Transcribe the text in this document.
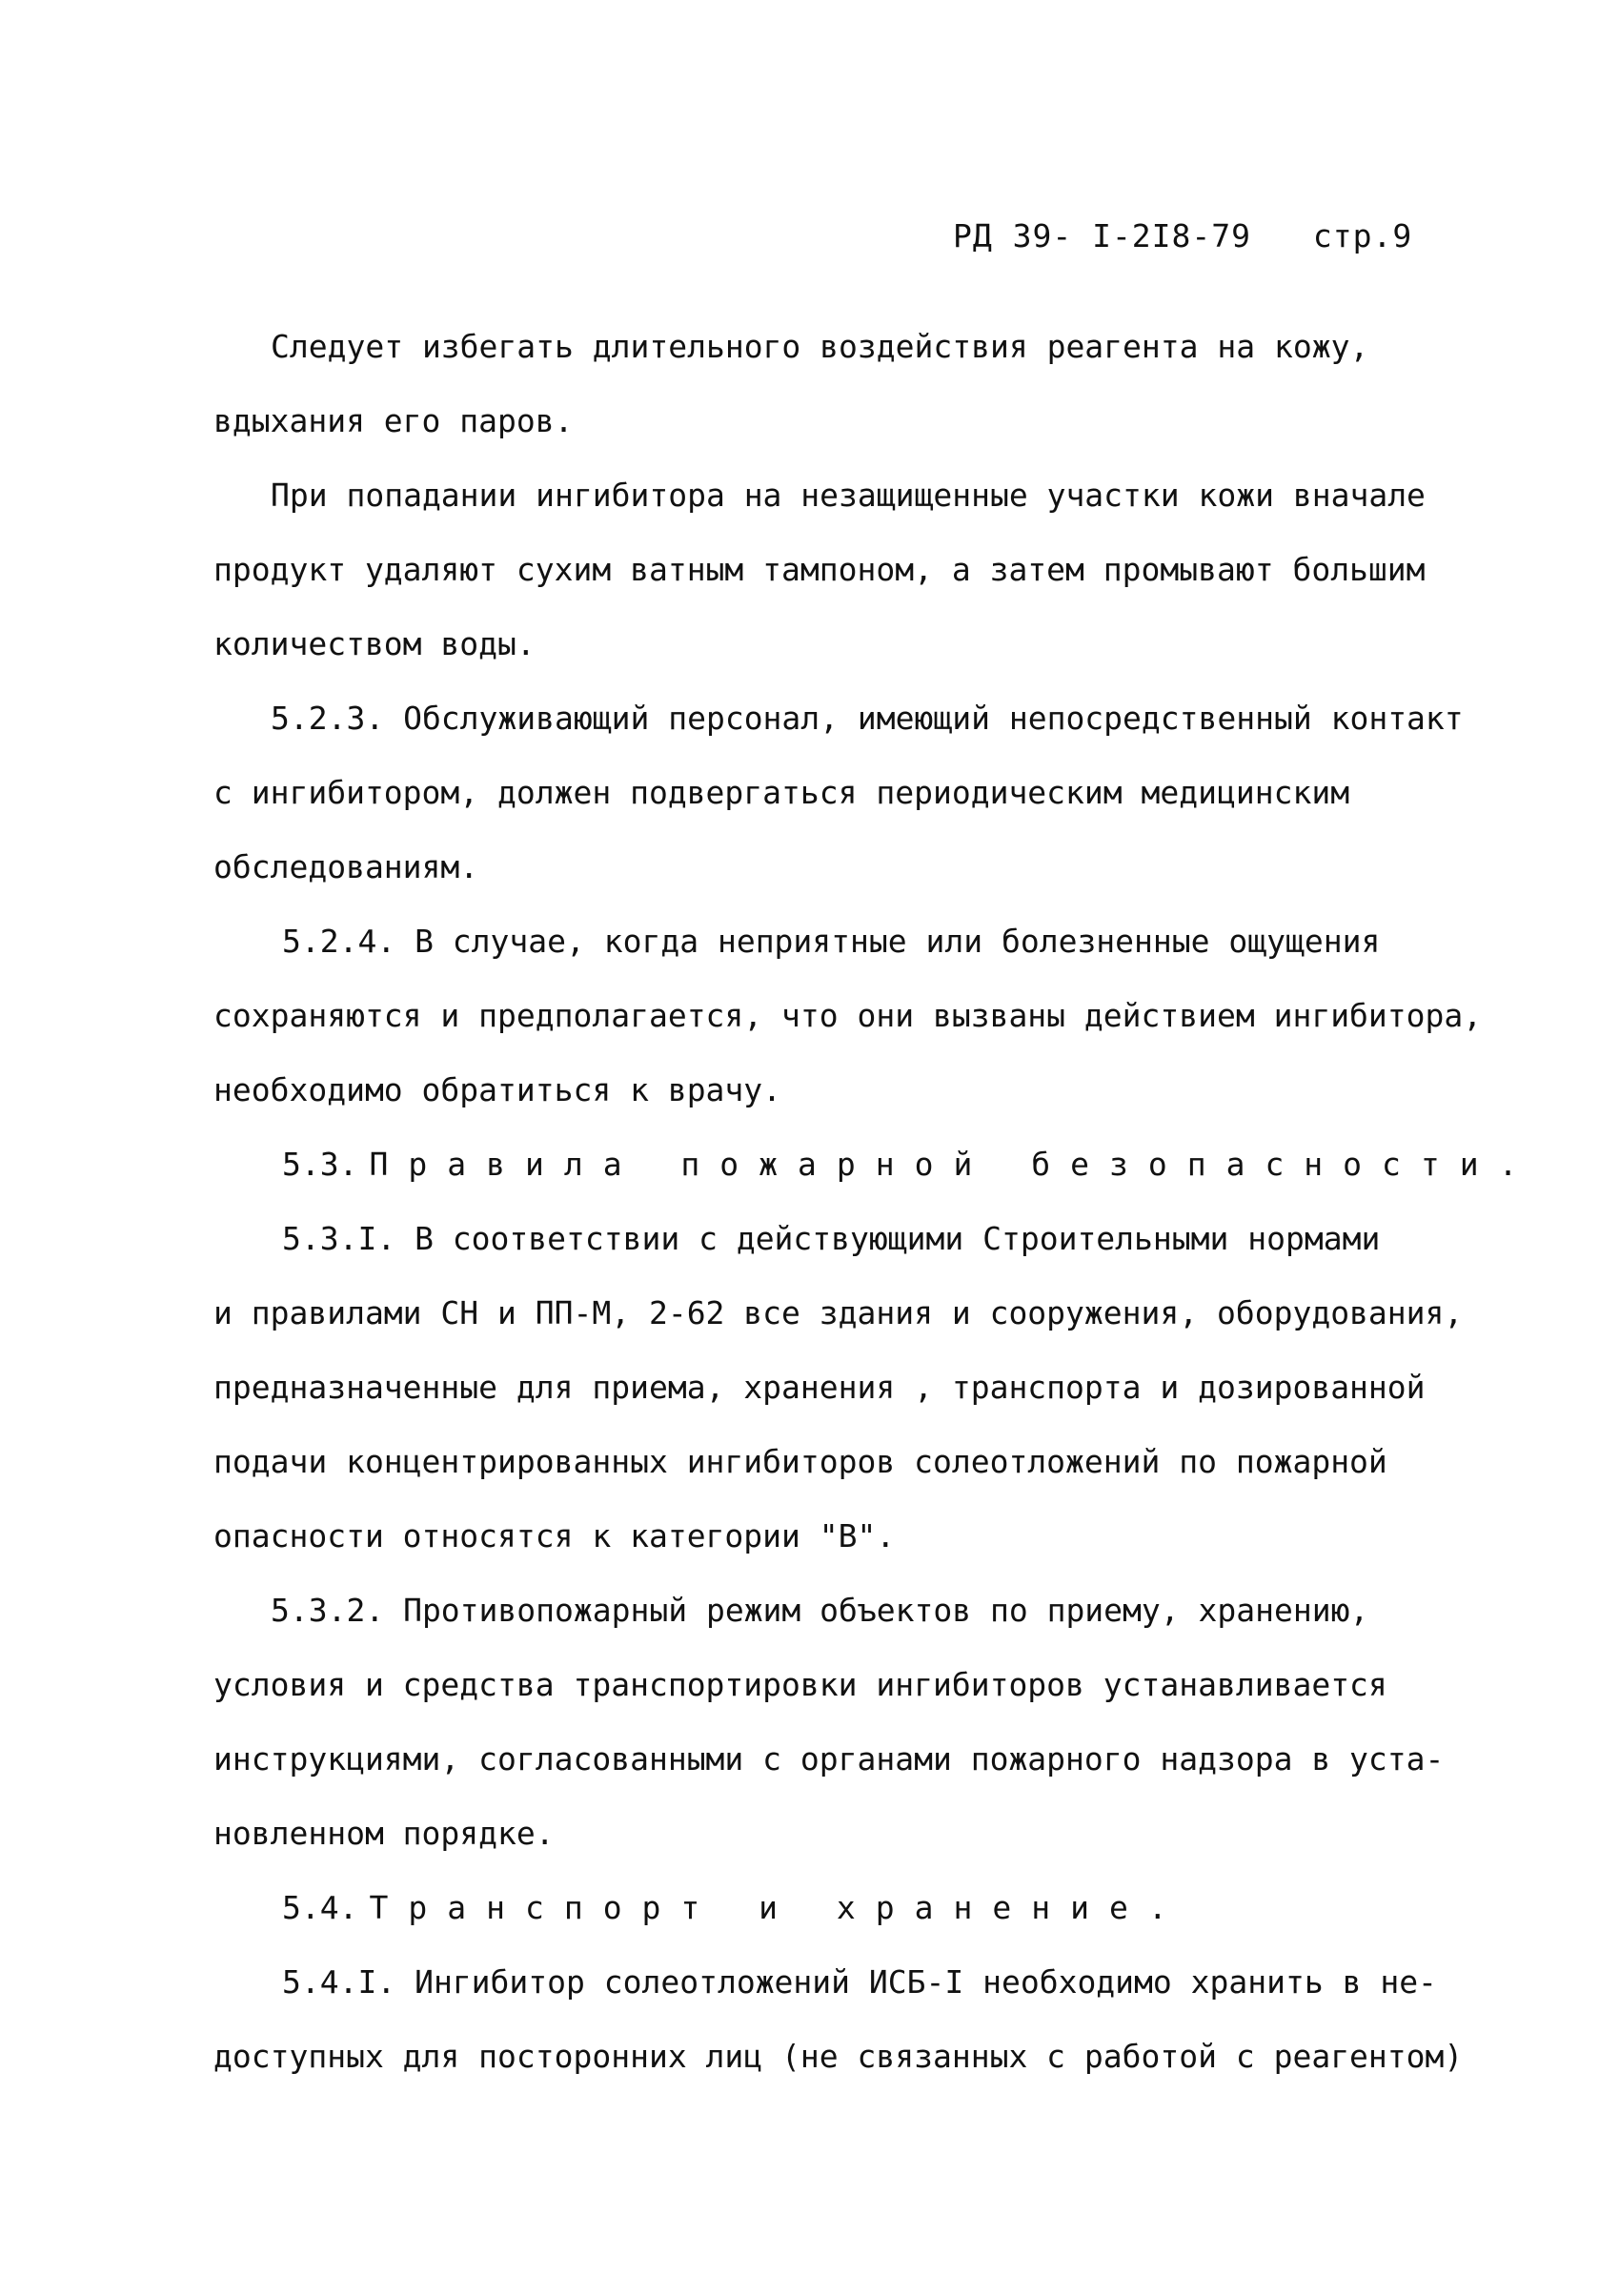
РД 39- I-2I8-79 стр.9
Следует избегать длительного воздействия реагента на кожу,
вдыхания его паров.
При попадании ингибитора на незащищенные участки кожи вначале
продукт удаляют сухим ватным тампоном, а затем промывают большим
количеством воды.
5.2.3. Обслуживающий персонал, имеющий непосредственный контакт
с ингибитором, должен подвергаться периодическим медицинским
обследованиям.
5.2.4. В случае, когда неприятные или болезненные ощущения
сохраняются и предполагается, что они вызваны действием ингибитора,
необходимо обратиться к врачу.
5.3. Правила пожарной безопасности.
5.3.I. В соответствии с действующими Строительными нормами
и правилами СН и ПП-М, 2-62 все здания и сооружения, оборудования,
предназначенные для приема, хранения , транспорта и дозированной
подачи концентрированных ингибиторов солеотложений по пожарной
опасности относятся к категории "В".
5.3.2. Противопожарный режим объектов по приему, хранению,
условия и средства транспортировки ингибиторов устанавливается
инструкциями, согласованными с органами пожарного надзора в уста-
новленном порядке.
5.4. Транспорт и хранение.
5.4.I. Ингибитор солеотложений ИСБ-I необходимо хранить в не-
доступных для посторонних лиц (не связанных с работой с реагентом)
